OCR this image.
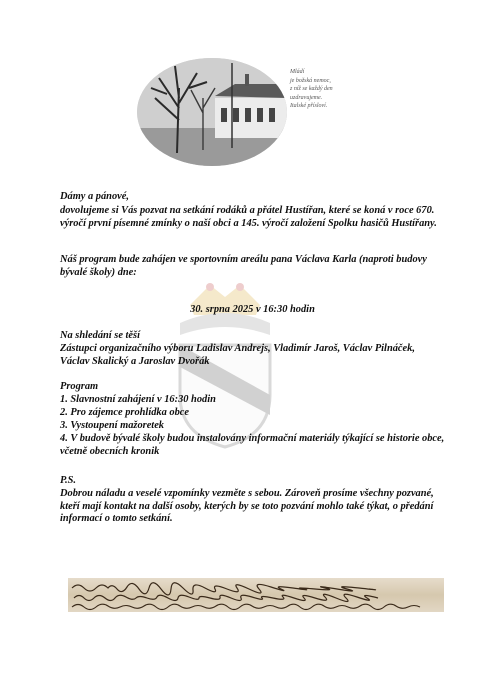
Mládí
je božská nemoc,
z níž se každý den
uzdravujeme.
Italské přísloví.
Dámy a pánové,
dovolujeme si Vás pozvat na setkání rodáků a přátel Hustířan, které se koná v roce 670. výročí první písemné zmínky o naší obci a 145. výročí založení Spolku hasičů Hustířany.
Náš program bude zahájen ve sportovním areálu pana Václava Karla (naproti budovy bývalé školy) dne:
30. srpna 2025 v 16:30 hodin
Na shledání se těší
Zástupci organizačního výboru Ladislav Andrejs, Vladimír Jaroš, Václav Pilnáček, Václav Skalický a Jaroslav Dvořák
Program
1. Slavnostní zahájení v 16:30 hodin
2. Pro zájemce prohlídka obce
3. Vystoupení mažoretek
4. V budově bývalé školy budou instalovány informační materiály týkající se historie obce, včetně obecních kronik
P.S.
Dobrou náladu a veselé vzpomínky vezměte s sebou. Zároveň prosíme všechny pozvané, kteří mají kontakt na další osoby, kterých by se toto pozvání mohlo také týkat, o předání informací o tomto setkání.
